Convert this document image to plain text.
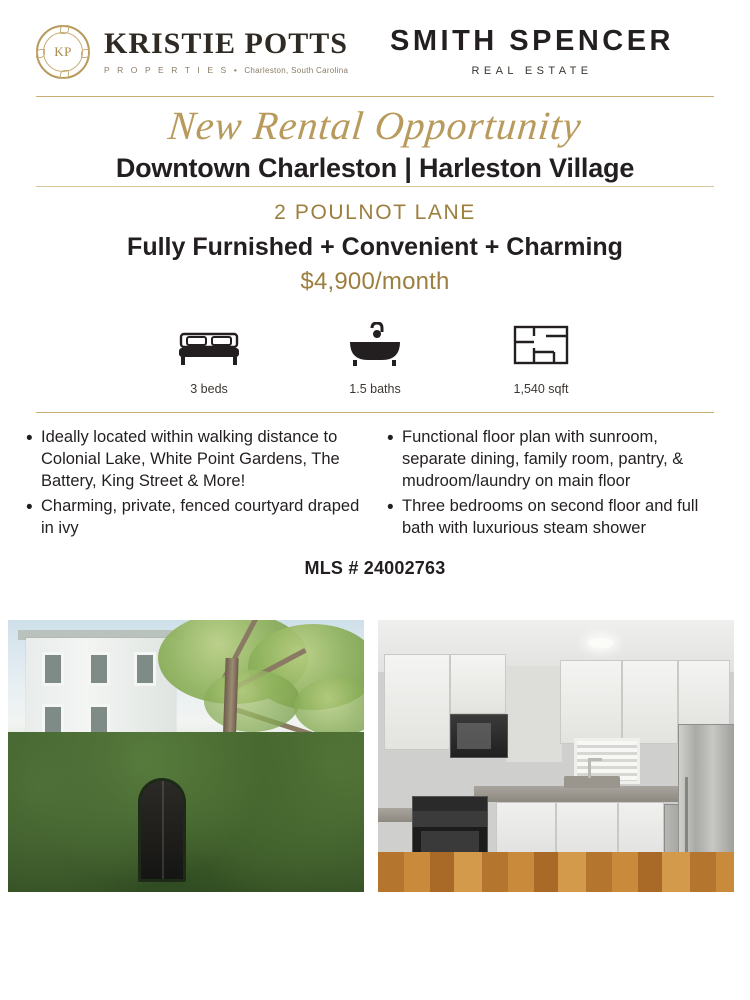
KP	KRISTIE POTTS
P R O P E R T I E S • Charleston, South Carolina
SMITH SPENCER
REAL ESTATE
New Rental Opportunity
Downtown Charleston | Harleston Village
2 POULNOT LANE
Fully Furnished + Convenient + Charming
$4,900/month
3 beds	1.5 baths	1,540 sqft
• Ideally located within walking distance to Colonial Lake, White Point Gardens, The Battery, King Street & More!
• Charming, private, fenced courtyard draped in ivy
• Functional floor plan with sunroom, separate dining, family room, pantry, & mudroom/laundry on main floor
• Three bedrooms on second floor and full bath with luxurious steam shower
MLS # 24002763
